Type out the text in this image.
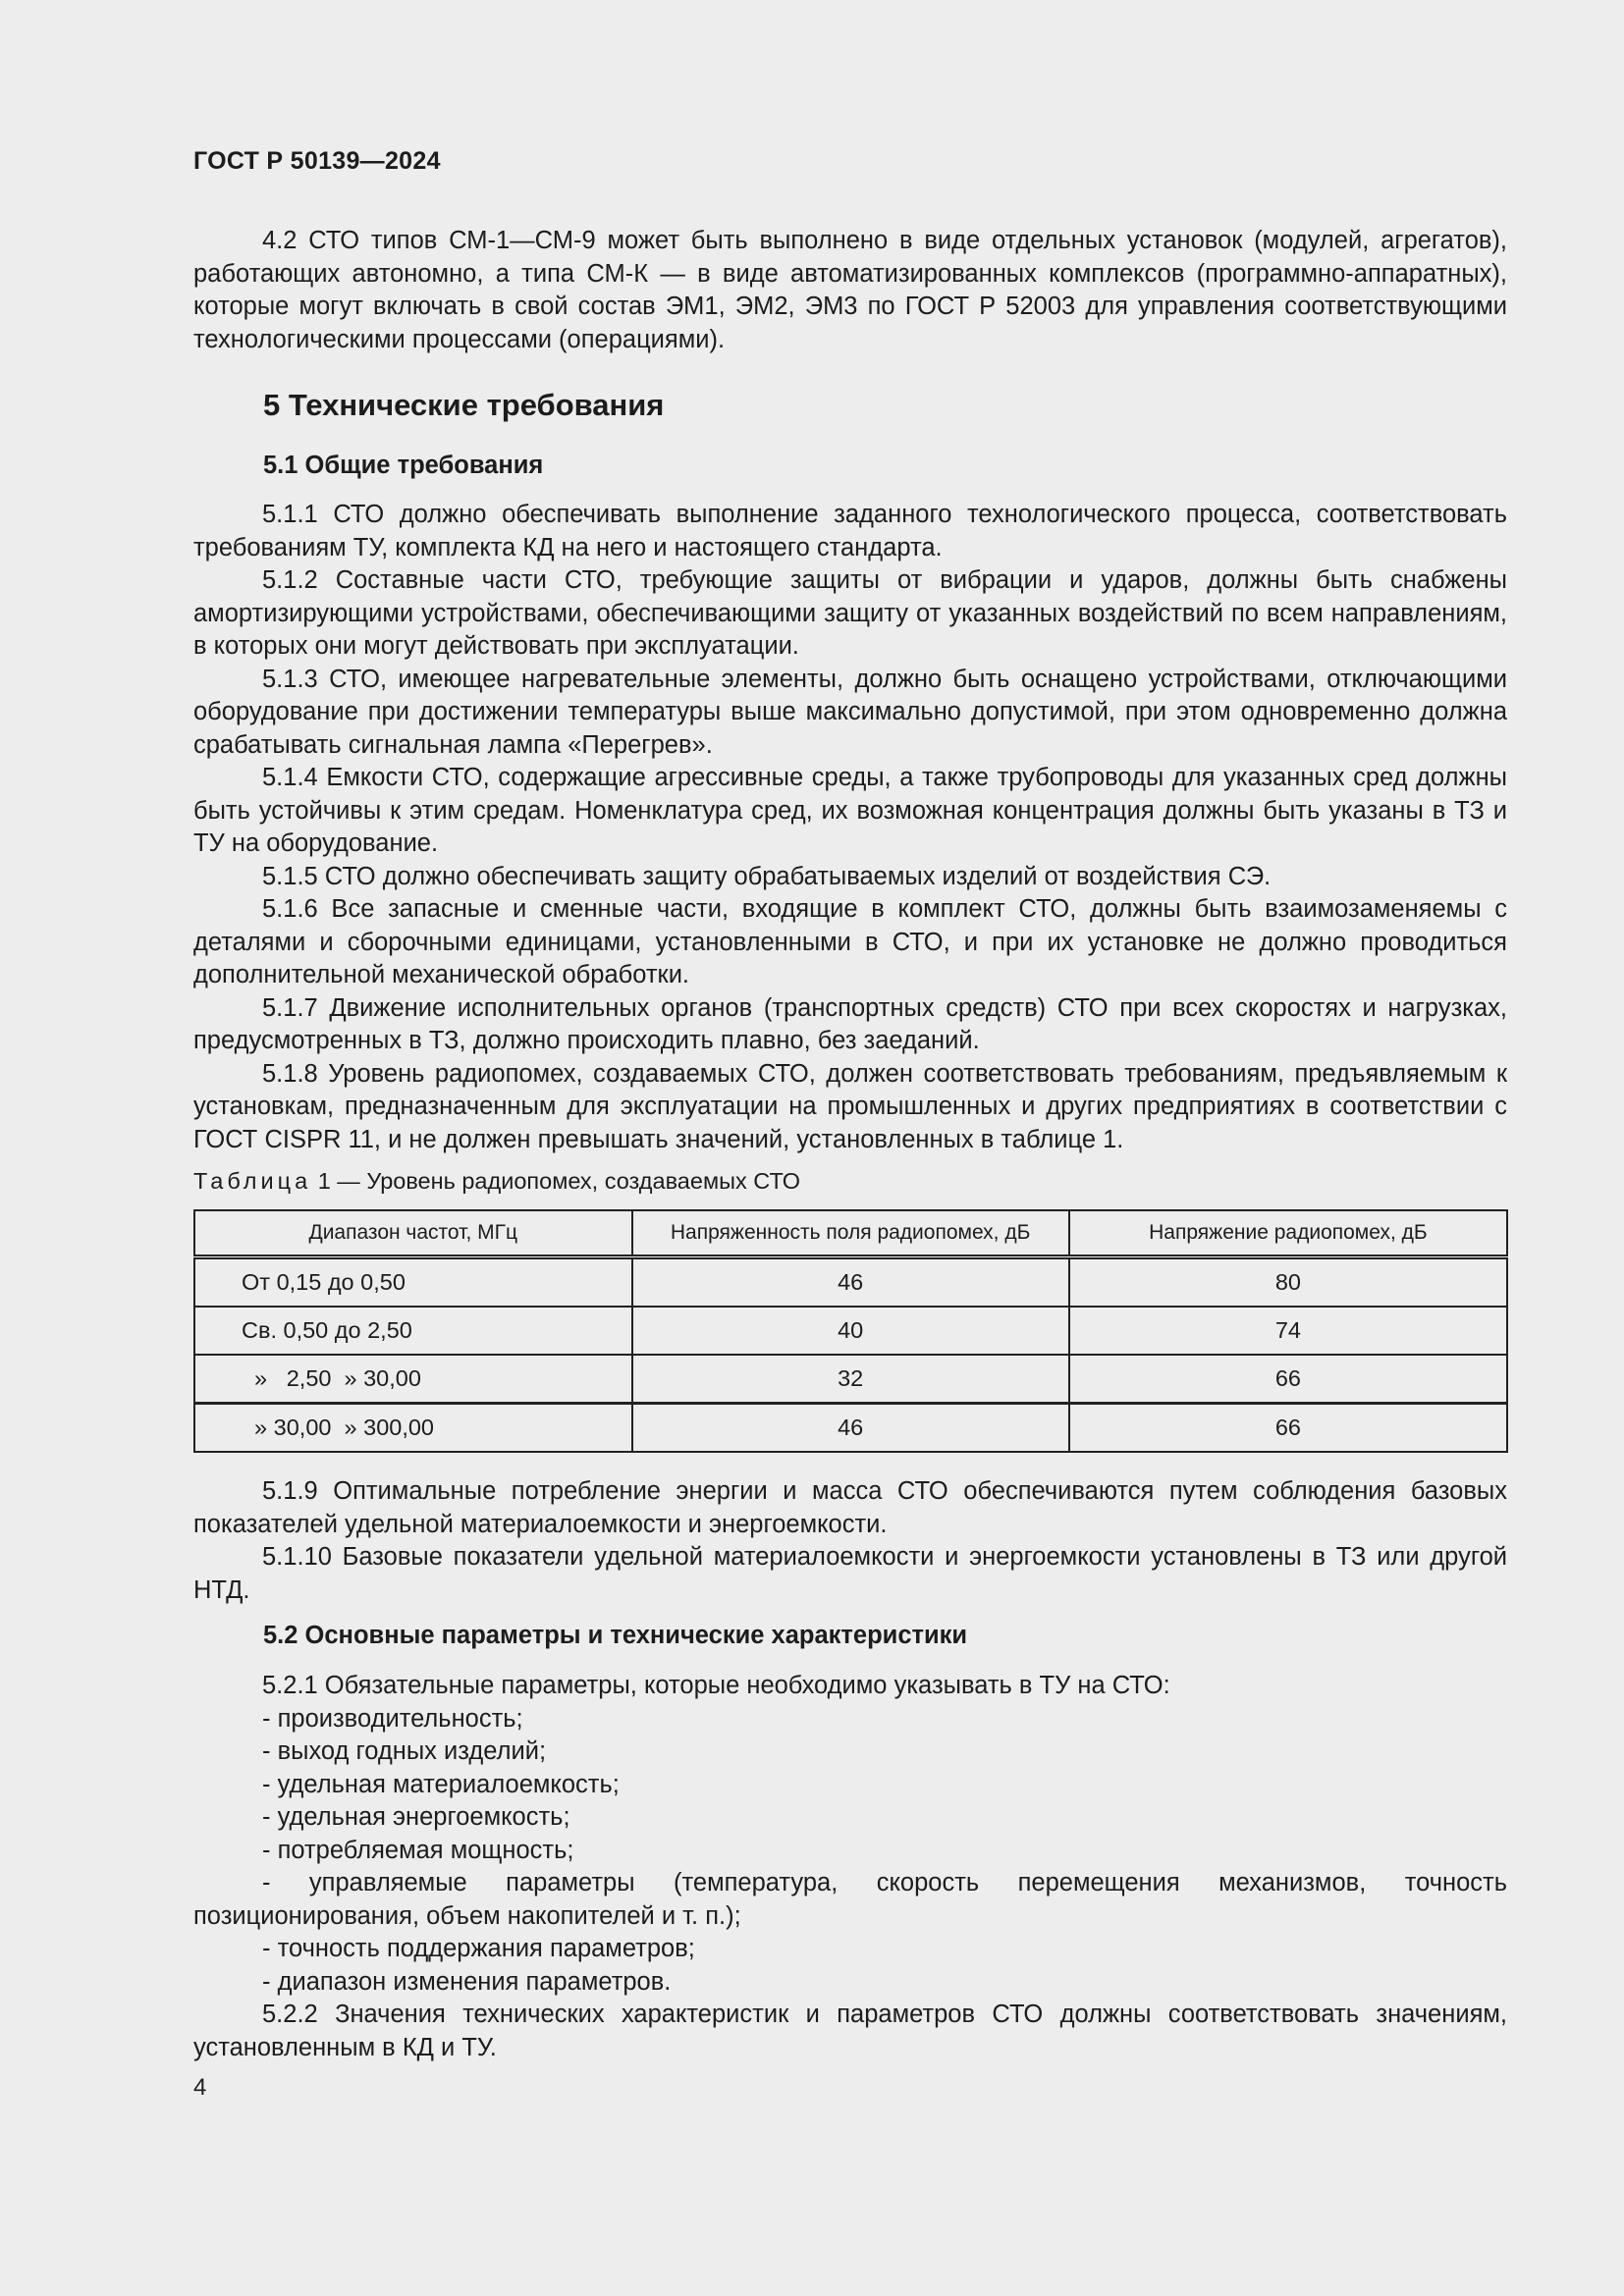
ГОСТ Р 50139—2024

4.2 СТО типов СМ-1—СМ-9 может быть выполнено в виде отдельных установок (модулей, агрегатов), работающих автономно, а типа СМ-К — в виде автоматизированных комплексов (программно-аппаратных), которые могут включать в свой состав ЭМ1, ЭМ2, ЭМ3 по ГОСТ Р 52003 для управления соответствующими технологическими процессами (операциями).

5 Технические требования
5.1 Общие требования

5.1.1 СТО должно обеспечивать выполнение заданного технологического процесса, соответствовать требованиям ТУ, комплекта КД на него и настоящего стандарта.

5.1.2 Составные части СТО, требующие защиты от вибрации и ударов, должны быть снабжены амортизирующими устройствами, обеспечивающими защиту от указанных воздействий по всем направлениям, в которых они могут действовать при эксплуатации.

5.1.3 СТО, имеющее нагревательные элементы, должно быть оснащено устройствами, отключающими оборудование при достижении температуры выше максимально допустимой, при этом одновременно должна срабатывать сигнальная лампа «Перегрев».

5.1.4 Емкости СТО, содержащие агрессивные среды, а также трубопроводы для указанных сред должны быть устойчивы к этим средам. Номенклатура сред, их возможная концентрация должны быть указаны в ТЗ и ТУ на оборудование.

5.1.5 СТО должно обеспечивать защиту обрабатываемых изделий от воздействия СЭ.

5.1.6 Все запасные и сменные части, входящие в комплект СТО, должны быть взаимозаменяемы с деталями и сборочными единицами, установленными в СТО, и при их установке не должно проводиться дополнительной механической обработки.

5.1.7 Движение исполнительных органов (транспортных средств) СТО при всех скоростях и нагрузках, предусмотренных в ТЗ, должно происходить плавно, без заеданий.

5.1.8 Уровень радиопомех, создаваемых СТО, должен соответствовать требованиям, предъявляемым к установкам, предназначенным для эксплуатации на промышленных и других предприятиях в соответствии с ГОСТ CISPR 11, и не должен превышать значений, установленных в таблице 1.

Таблица 1 — Уровень радиопомех, создаваемых СТО
Диапазон частот, МГц	Напряженность поля радиопомех, дБ	Напряжение радиопомех, дБ
От 0,15 до 0,50	46	80
Св. 0,50 до 2,50	40	74
»   2,50  » 30,00	32	66
» 30,00  » 300,00	46	66

5.1.9 Оптимальные потребление энергии и масса СТО обеспечиваются путем соблюдения базовых показателей удельной материалоемкости и энергоемкости.

5.1.10 Базовые показатели удельной материалоемкости и энергоемкости установлены в ТЗ или другой НТД.

5.2 Основные параметры и технические характеристики

5.2.1 Обязательные параметры, которые необходимо указывать в ТУ на СТО:

- производительность;

- выход годных изделий;

- удельная материалоемкость;

- удельная энергоемкость;

- потребляемая мощность;

- управляемые параметры (температура, скорость перемещения механизмов, точность позиционирования, объем накопителей и т. п.);

- точность поддержания параметров;

- диапазон изменения параметров.

5.2.2 Значения технических характеристик и параметров СТО должны соответствовать значениям, установленным в КД и ТУ.

4
